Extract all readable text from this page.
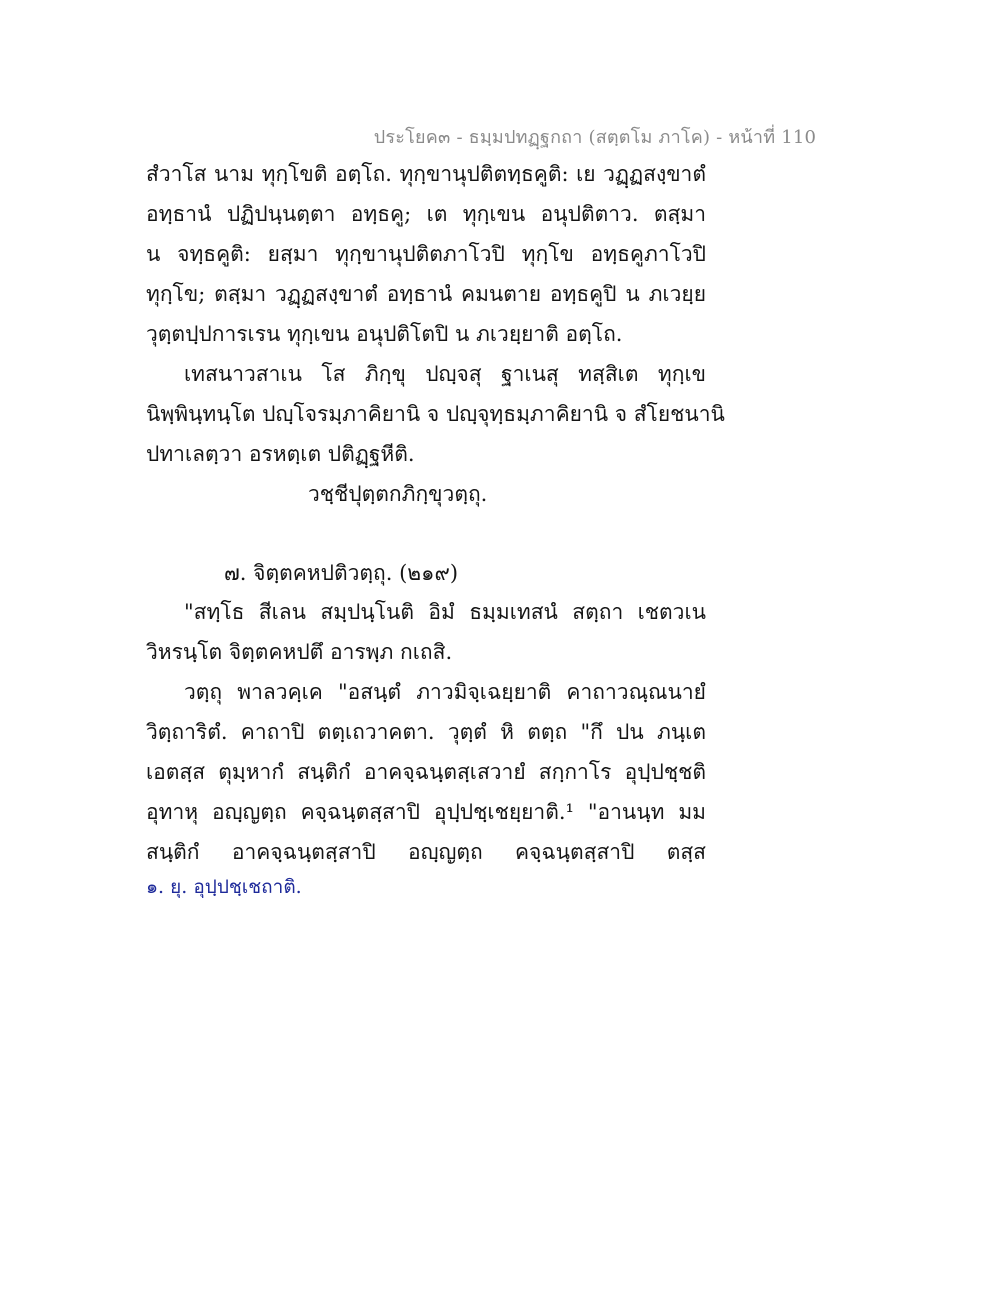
ประโยค๓ - ธมฺมปทฏฺฐกถา (สตฺตโม ภาโค) - หน้าที่ 110
สํวาโส นาม ทุกฺโขติ อตฺโถ. ทุกฺขานุปติตทฺธคูติ: เย วฏฺฏสงฺขาตํ
อทฺธานํ ปฏิปนฺนตฺตา อทฺธคู; เต ทุกฺเขน อนุปติตาว. ตสฺมา
น จทฺธคูติ: ยสฺมา ทุกฺขานุปติตภาโวปิ ทุกฺโข อทฺธคูภาโวปิ
ทุกฺโข; ตสฺมา วฏฺฏสงฺขาตํ อทฺธานํ คมนตาย อทฺธคูปิ น ภเวยฺย
วุตฺตปฺปการเรน ทุกฺเขน อนุปติโตปิ น ภเวยฺยาติ อตฺโถ.
เทสนาวสาเน โส ภิกฺขุ ปญฺจสุ ฐาเนสุ ทสฺสิเต ทุกฺเข
นิพฺพินฺทนฺโต ปญฺโจรมฺภาคิยานิ จ ปญฺจุทฺธมฺภาคิยานิ จ สํโยชนานิ
ปทาเลตฺวา อรหตฺเต ปติฏฺฐหีติ.
วชฺชีปุตฺตกภิกฺขุวตฺถุ.
๗. จิตฺตคหปติวตฺถุ. (๒๑๙)
"สทฺโธ สีเลน สมฺปนฺโนติ อิมํ ธมฺมเทสนํ สตฺถา เชตวเน
วิหรนฺโต จิตฺตคหปตึ อารพฺภ กเถสิ.
วตฺถุ พาลวคฺเค "อสนฺตํ ภาวมิจฺเฉยฺยาติ คาถาวณฺณนายํ
วิตฺถาริตํ. คาถาปิ ตตฺเถวาคตา. วุตฺตํ หิ ตตฺถ "กึ ปน ภนฺเต
เอตสฺส ตุมฺหากํ สนฺติกํ อาคจฺฉนฺตสฺเสวายํ สกฺกาโร อุปฺปชฺชติ
อุทาหุ อญฺญตฺถ คจฺฉนฺตสฺสาปิ อุปฺปชฺเชยฺยาติ.¹ "อานนฺท มม
สนฺติกํ อาคจฺฉนฺตสฺสาปิ อญฺญตฺถ คจฺฉนฺตสฺสาปิ ตสฺส
๑. ยุ. อุปฺปชฺเชถาติ.
